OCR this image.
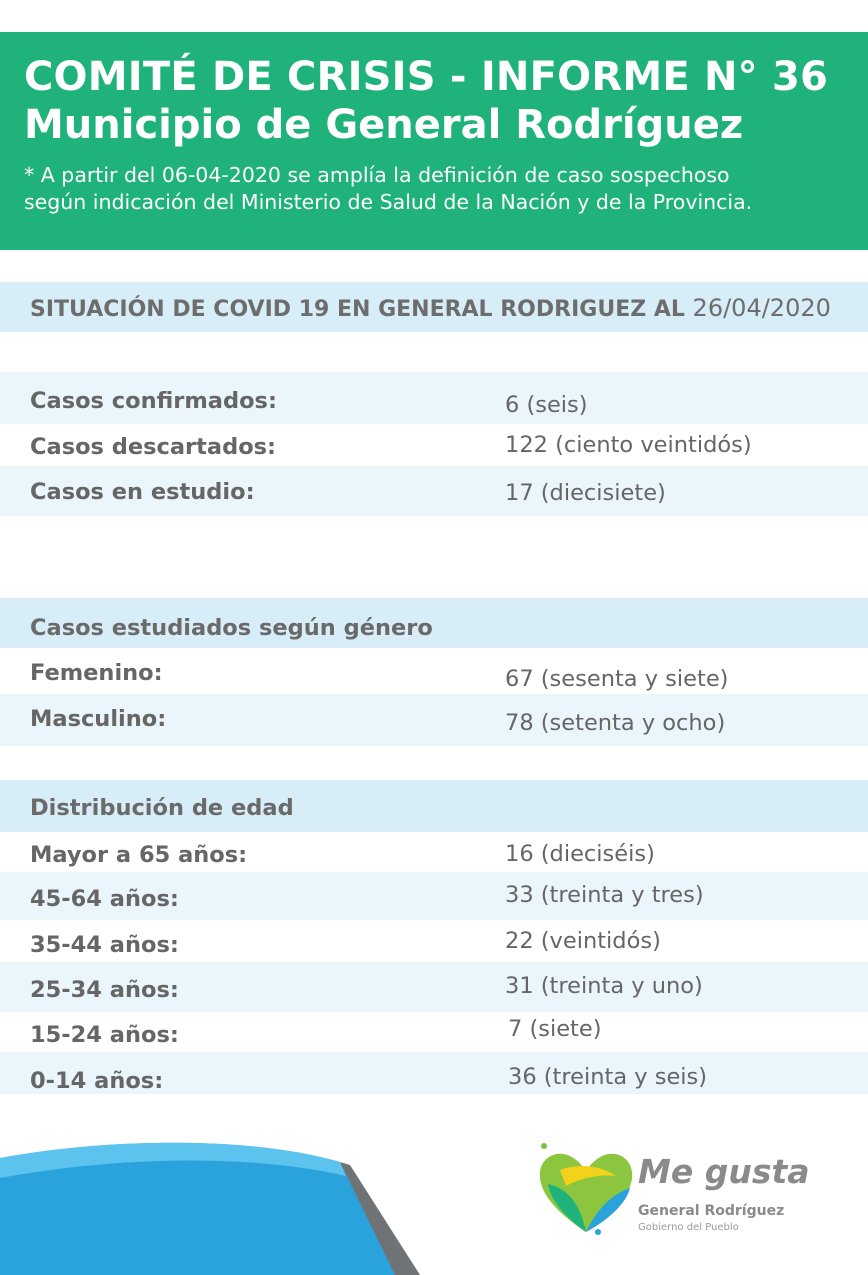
COMITÉ DE CRISIS - INFORME N° 36
Municipio de General Rodríguez
* A partir del 06-04-2020 se amplía la definición de caso sospechoso
según indicación del Ministerio de Salud de la Nación y de la Provincia.
SITUACIÓN DE COVID 19 EN GENERAL RODRIGUEZ AL 26/04/2020
Casos confirmados:	6 (seis)
Casos descartados:	122 (ciento veintidós)
Casos en estudio:	17 (diecisiete)
Casos estudiados según género
Femenino:	67 (sesenta y siete)
Masculino:	78 (setenta y ocho)
Distribución de edad
Mayor a 65 años:	16 (dieciséis)
45-64 años:	33 (treinta y tres)
35-44 años:	22 (veintidós)
25-34 años:	31 (treinta y uno)
15-24 años:	7 (siete)
0-14 años:	36 (treinta y seis)
Me gusta
General Rodríguez
Gobierno del Pueblo
